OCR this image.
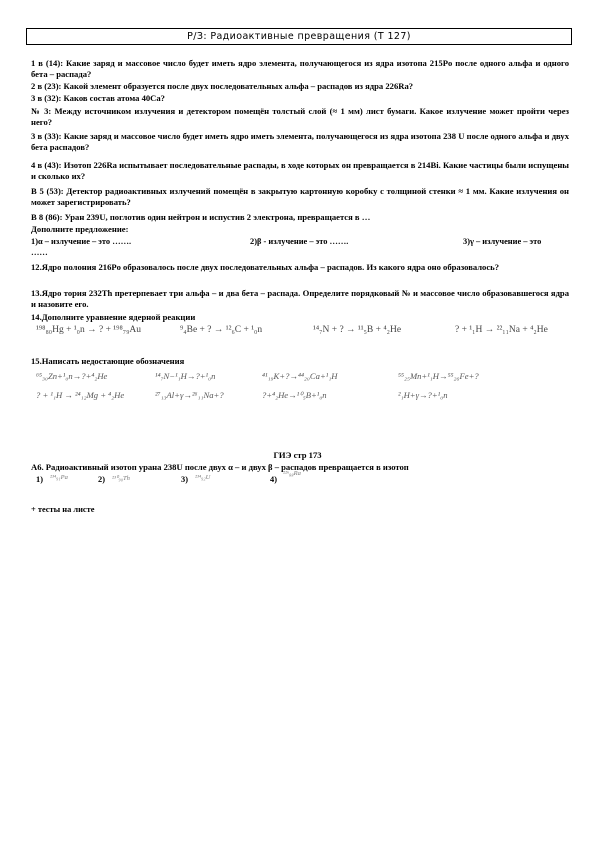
Р/З: Радиоактивные превращения (Т 127)
1 в (14): Какие заряд и массовое число будет иметь ядро элемента, получающегося из ядра изотопа 215Po после одного альфа и одного бета – распада?
2 в (23): Какой элемент образуется после двух последовательных альфа – распадов из ядра 226Ra?
3 в (32): Каков состав атома 40Ca?
№ 3: Между источником излучения и детектором помещён толстый слой (≈ 1 мм) лист бумаги. Какое излучение может пройти через него?
3 в (33): Какие заряд и массовое число будет иметь ядро иметь элемента, получающегося из ядра изотопа 238 U после одного альфа и двух бета распадов?
4 в (43): Изотоп 226Ra испытывает последовательные распады, в ходе которых он превращается в 214Bi. Какие частицы были испущены и сколько их?
В 5 (53): Детектор радиоактивных излучений помещён в закрытую картонную коробку с толщиной стенки ≈ 1 мм. Какие излучения он может зарегистрировать?
В 8 (86): Уран 239U, поглотив один нейтрон и испустив 2 электрона, превращается в …
Дополните предложение:
1)α – излучение – это …….	2)β - излучение – это …….	3)γ – излучение – это
……
12.Ядро полония 216Po образовалось после двух последовательных альфа – распадов. Из какого ядра оно образовалось?
13.Ядро тория 232Th претерпевает три альфа – и два бета – распада. Определите порядковый № и массовое число образовавшегося ядра и назовите его.
14.Дополните уравнение ядерной реакции
¹⁹⁸₈₀Hg + ¹₀n → ? + ¹⁹⁸₇₉Au	⁹₄Be + ? → ¹²₆C + ¹₀n	¹⁴₇N + ? → ¹¹₅B + ⁴₂He	? + ¹₁H → ²²₁₁Na + ⁴₂He
15.Написать недостающие обозначения
⁶⁵₃₀Zn+¹₀n→?+⁴₂He	¹⁴₇N−¹₁H→?+¹₀n	⁴¹₁₉K+?→⁴⁴₂₀Ca+¹₁H	⁵⁵₂₅Mn+¹₁H→⁵⁵₂₆Fe+?
? + ¹₁H → ²⁴₁₂Mg + ⁴₂He	²⁷₁₃Al+γ→²⁶₁₁Na+?	?+⁴₂He→¹⁰₅B+¹₀n	²₁H+γ→?+¹₀n
ГИЭ стр 173
А6. Радиоактивный изотоп урана 238U после двух α – и двух β – распадов превращается в изотоп
1) ²³⁴₉₁Pa	2) ²³⁰₉₀Th	3) ²³⁴₉₂U	4)
²²⁶₈₈Ra
+ тесты на листе
